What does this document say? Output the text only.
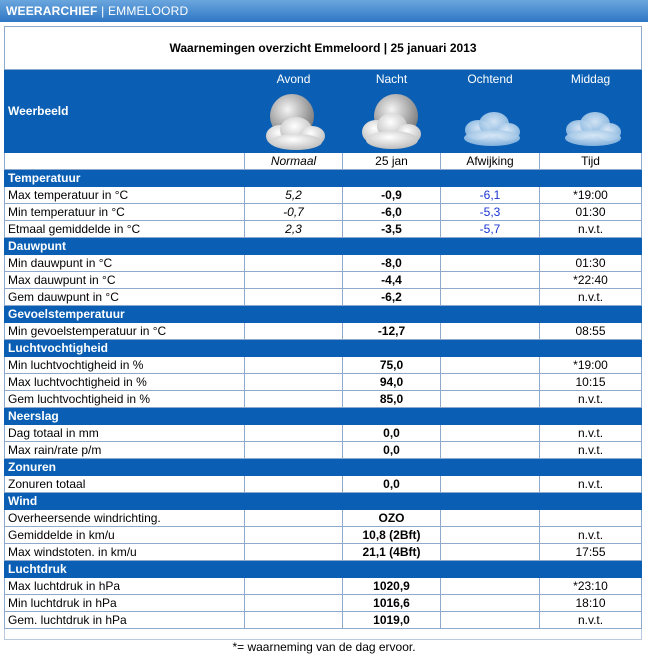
WEERARCHIEF | EMMELOORD
Waarnemingen overzicht Emmeloord | 25 januari 2013				
Weerbeeld	Avond	Nacht	Ochtend	Middag

	Normaal	25 jan	Afwijking	Tijd
Temperatuur				
Max temperatuur in °C	5,2	-0,9	-6,1	*19:00
Min temperatuur in °C	-0,7	-6,0	-5,3	01:30
Etmaal gemiddelde in °C	2,3	-3,5	-5,7	n.v.t.
Dauwpunt				
Min dauwpunt in °C		-8,0		01:30
Max dauwpunt in °C		-4,4		*22:40
Gem dauwpunt in °C		-6,2		n.v.t.
Gevoelstemperatuur				
Min gevoelstemperatuur in °C		-12,7		08:55
Luchtvochtigheid				
Min luchtvochtigheid in %		75,0		*19:00
Max luchtvochtigheid in %		94,0		10:15
Gem luchtvochtigheid in %		85,0		n.v.t.
Neerslag				
Dag totaal in mm		0,0		n.v.t.
Max rain/rate p/m		0,0		n.v.t.
Zonuren				
Zonuren totaal		0,0		n.v.t.
Wind				
Overheersende windrichting.		OZO		
Gemiddelde in km/u		10,8 (2Bft)		n.v.t.
Max windstoten. in km/u		21,1 (4Bft)		17:55
Luchtdruk				
Max luchtdruk in hPa		1020,9		*23:10
Min luchtdruk in hPa		1016,6		18:10
Gem. luchtdruk in hPa		1019,0		n.v.t.
*= waarneming van de dag ervoor.
